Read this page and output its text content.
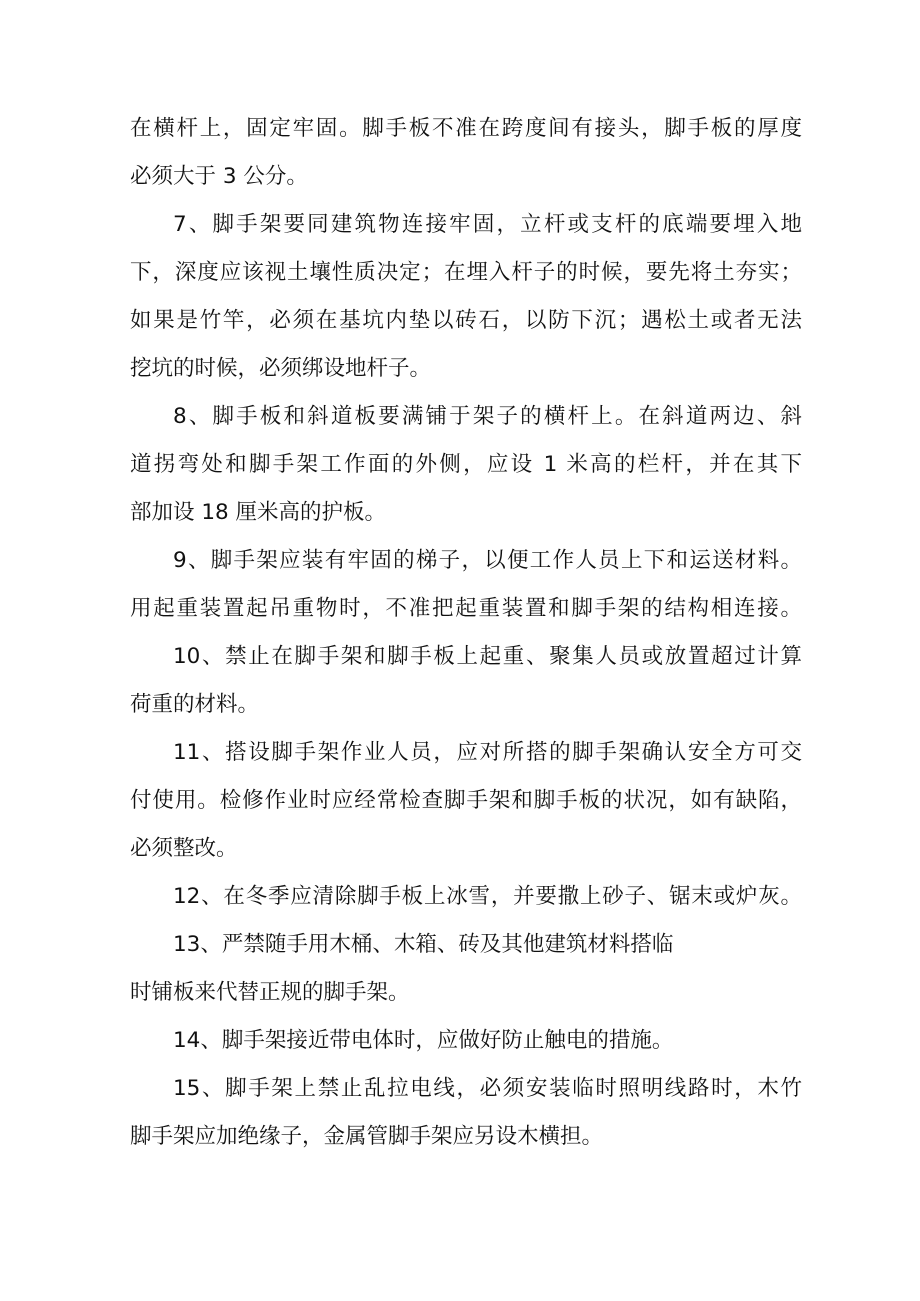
在横杆上，固定牢固。脚手板不准在跨度间有接头，脚手板的厚度
必须大于 3 公分。
7、脚手架要同建筑物连接牢固，立杆或支杆的底端要埋入地
下，深度应该视土壤性质决定；在埋入杆子的时候，要先将土夯实；
如果是竹竿，必须在基坑内垫以砖石，以防下沉；遇松土或者无法
挖坑的时候，必须绑设地杆子。
8、脚手板和斜道板要满铺于架子的横杆上。在斜道两边、斜
道拐弯处和脚手架工作面的外侧，应设 1 米高的栏杆，并在其下
部加设 18 厘米高的护板。
9、脚手架应装有牢固的梯子，以便工作人员上下和运送材料。
用起重装置起吊重物时，不准把起重装置和脚手架的结构相连接。
10、禁止在脚手架和脚手板上起重、聚集人员或放置超过计算
荷重的材料。
11、搭设脚手架作业人员，应对所搭的脚手架确认安全方可交
付使用。检修作业时应经常检查脚手架和脚手板的状况，如有缺陷，
必须整改。
12、在冬季应清除脚手板上冰雪，并要撒上砂子、锯末或炉灰。
13、严禁随手用木桶、木箱、砖及其他建筑材料搭临
时铺板来代替正规的脚手架。
14、脚手架接近带电体时，应做好防止触电的措施。
15、脚手架上禁止乱拉电线，必须安装临时照明线路时，木竹
脚手架应加绝缘子，金属管脚手架应另设木横担。
